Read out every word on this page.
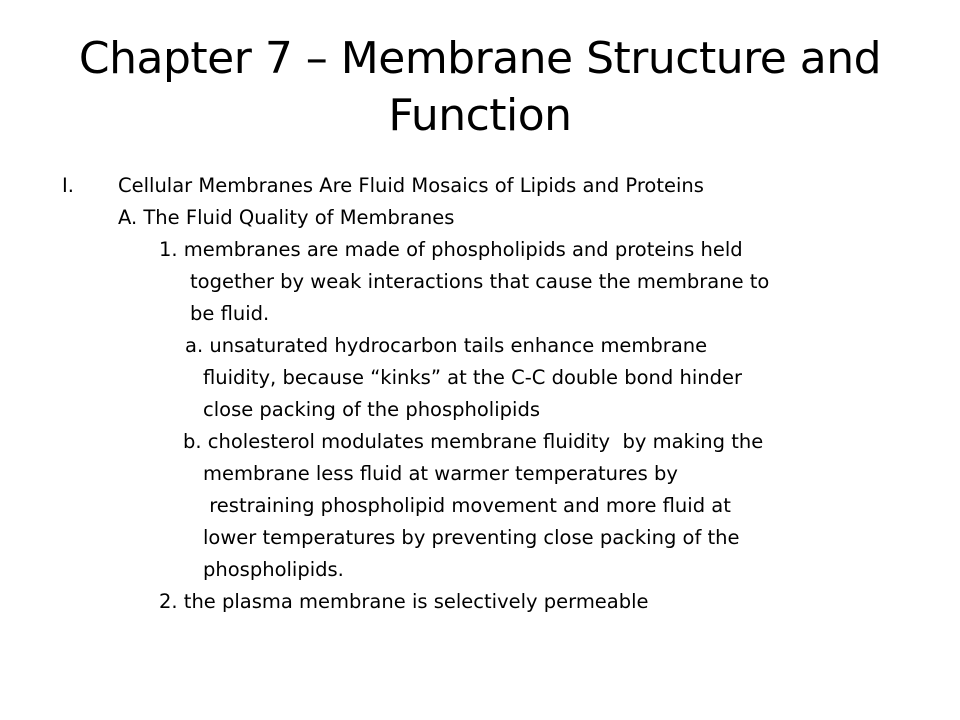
Chapter 7 – Membrane Structure and
Function
I. Cellular Membranes Are Fluid Mosaics of Lipids and Proteins
A. The Fluid Quality of Membranes
1. membranes are made of phospholipids and proteins held
together by weak interactions that cause the membrane to
be fluid.
a. unsaturated hydrocarbon tails enhance membrane
fluidity, because “kinks” at the C-C double bond hinder
close packing of the phospholipids
b. cholesterol modulates membrane fluidity  by making the
membrane less fluid at warmer temperatures by
restraining phospholipid movement and more fluid at
lower temperatures by preventing close packing of the
phospholipids.
2. the plasma membrane is selectively permeable
